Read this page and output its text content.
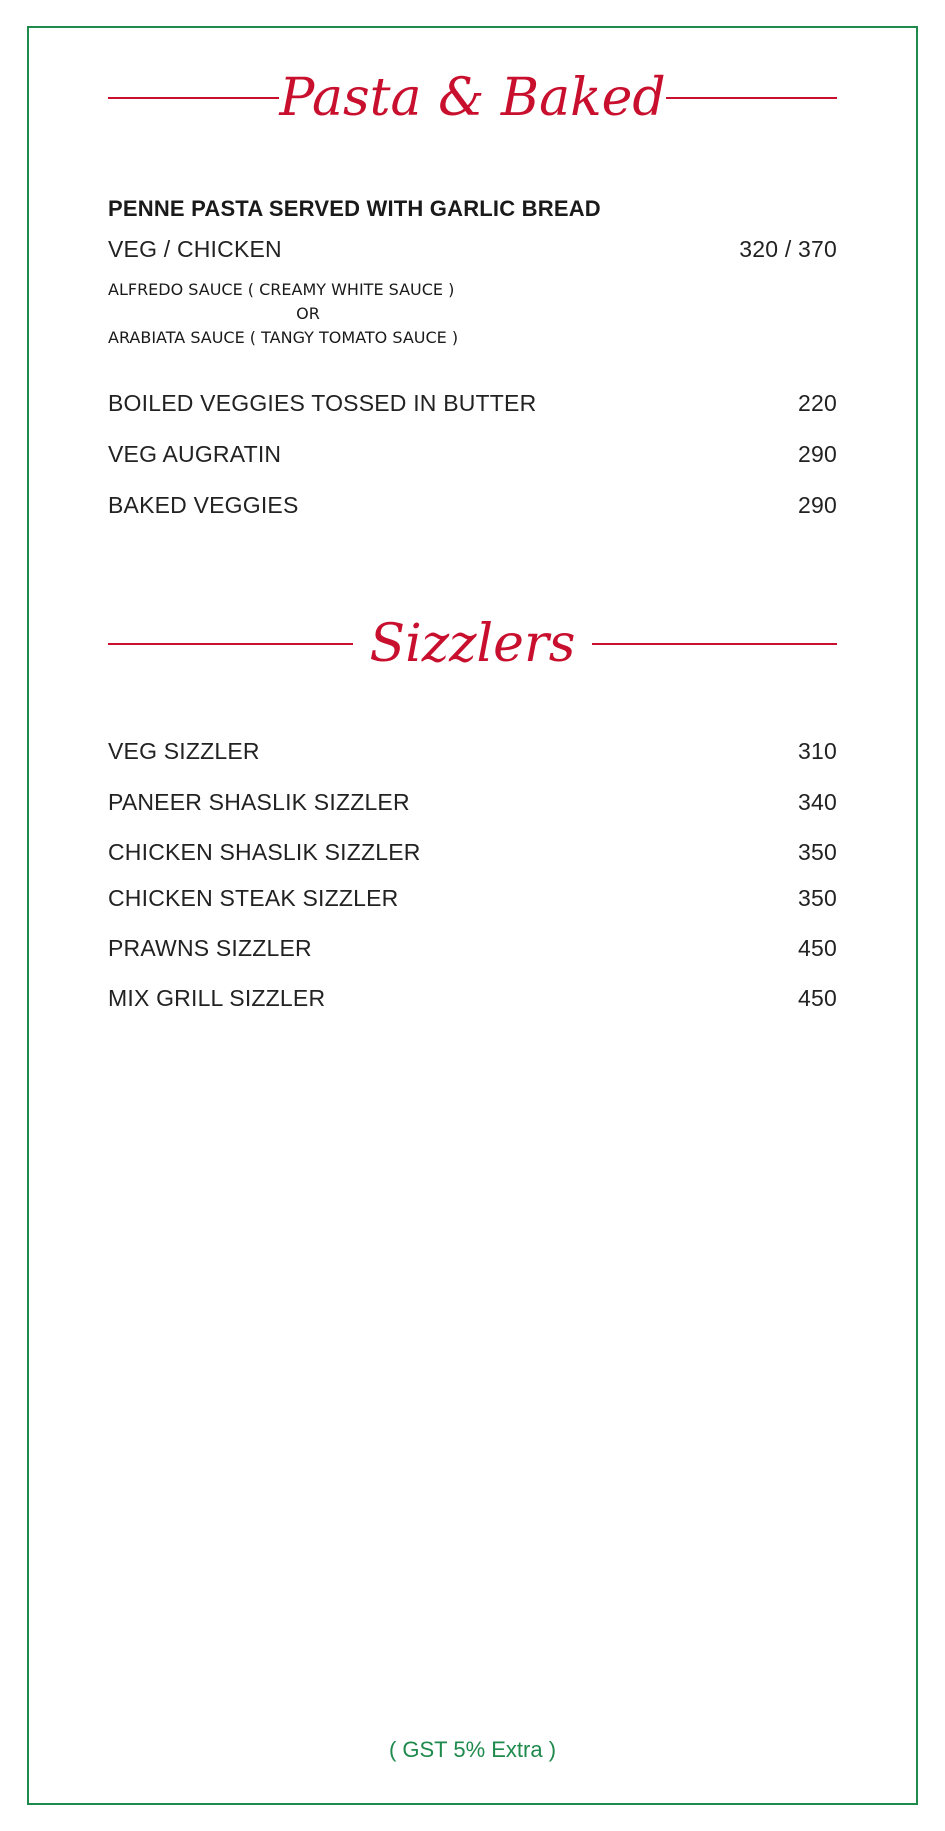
Pasta & Baked
PENNE PASTA SERVED WITH GARLIC BREAD
VEG / CHICKEN	320 / 370
ALFREDO SAUCE ( CREAMY WHITE SAUCE )
OR
ARABIATA SAUCE ( TANGY TOMATO SAUCE )
BOILED VEGGIES TOSSED IN BUTTER	220
VEG AUGRATIN	290
BAKED VEGGIES	290
Sizzlers
VEG SIZZLER	310
PANEER SHASLIK SIZZLER	340
CHICKEN SHASLIK SIZZLER	350
CHICKEN STEAK SIZZLER	350
PRAWNS SIZZLER	450
MIX GRILL SIZZLER	450
( GST 5% Extra )
